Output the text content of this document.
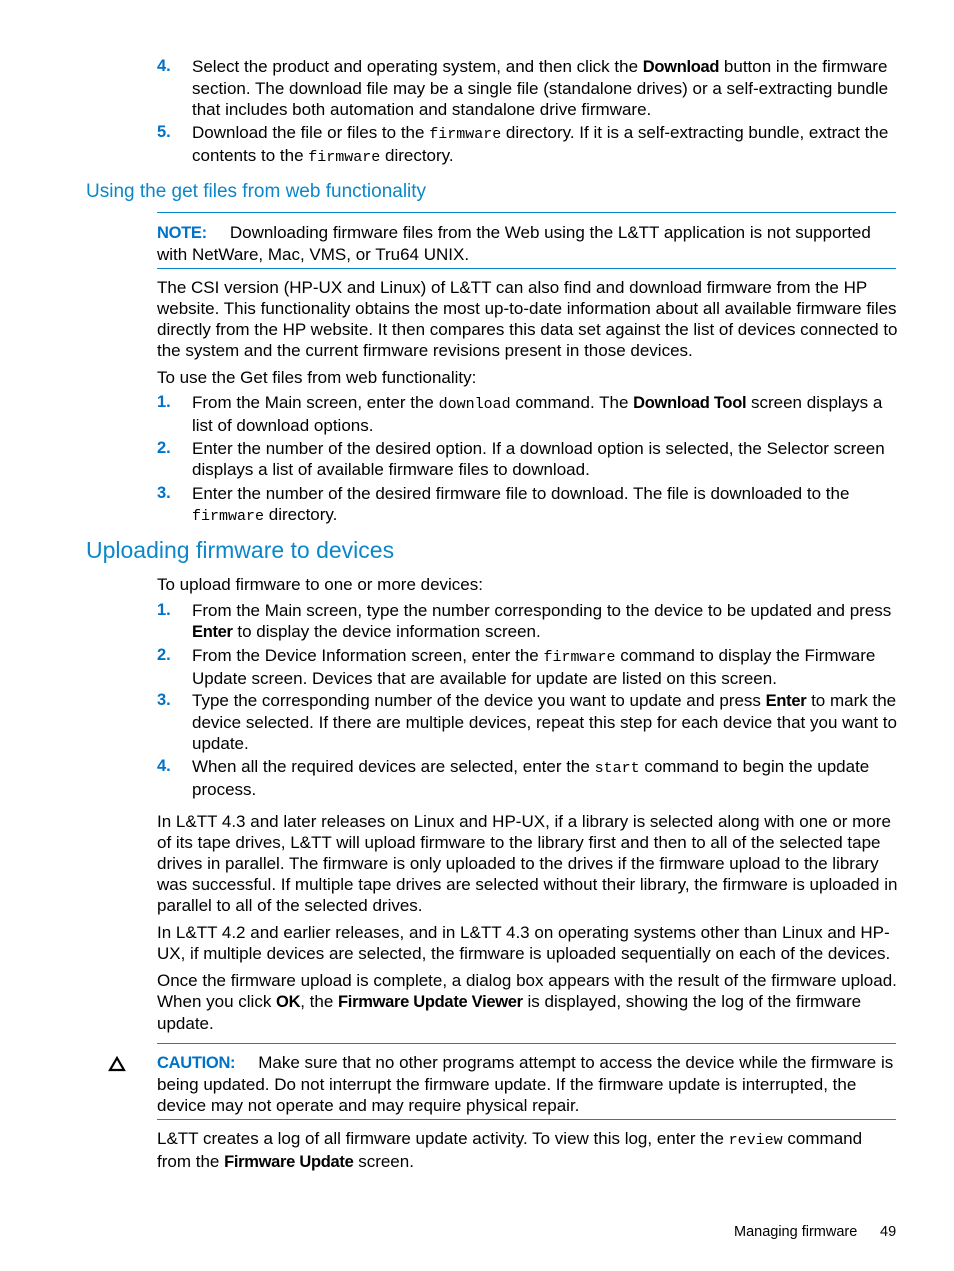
4.	Select the product and operating system, and then click the Download button in the firmware section. The download file may be a single file (standalone drives) or a self-extracting bundle that includes both automation and standalone drive firmware.
5.	Download the file or files to the firmware directory. If it is a self-extracting bundle, extract the contents to the firmware directory.
Using the get files from web functionality
NOTE: Downloading firmware files from the Web using the L&TT application is not supported with NetWare, Mac, VMS, or Tru64 UNIX.
The CSI version (HP-UX and Linux) of L&TT can also find and download firmware from the HP website. This functionality obtains the most up-to-date information about all available firmware files directly from the HP website. It then compares this data set against the list of devices connected to the system and the current firmware revisions present in those devices.
To use the Get files from web functionality:
1.	From the Main screen, enter the download command. The Download Tool screen displays a list of download options.
2.	Enter the number of the desired option. If a download option is selected, the Selector screen displays a list of available firmware files to download.
3.	Enter the number of the desired firmware file to download. The file is downloaded to the firmware directory.
Uploading firmware to devices
To upload firmware to one or more devices:
1.	From the Main screen, type the number corresponding to the device to be updated and press Enter to display the device information screen.
2.	From the Device Information screen, enter the firmware command to display the Firmware Update screen. Devices that are available for update are listed on this screen.
3.	Type the corresponding number of the device you want to update and press Enter to mark the device selected. If there are multiple devices, repeat this step for each device that you want to update.
4.	When all the required devices are selected, enter the start command to begin the update process.
In L&TT 4.3 and later releases on Linux and HP-UX, if a library is selected along with one or more of its tape drives, L&TT will upload firmware to the library first and then to all of the selected tape drives in parallel. The firmware is only uploaded to the drives if the firmware upload to the library was successful. If multiple tape drives are selected without their library, the firmware is uploaded in parallel to all of the selected drives.
In L&TT 4.2 and earlier releases, and in L&TT 4.3 on operating systems other than Linux and HP-UX, if multiple devices are selected, the firmware is uploaded sequentially on each of the devices.
Once the firmware upload is complete, a dialog box appears with the result of the firmware upload. When you click OK, the Firmware Update Viewer is displayed, showing the log of the firmware update.
CAUTION: Make sure that no other programs attempt to access the device while the firmware is being updated. Do not interrupt the firmware update. If the firmware update is interrupted, the device may not operate and may require physical repair.
L&TT creates a log of all firmware update activity. To view this log, enter the review command from the Firmware Update screen.
Managing firmware 49
